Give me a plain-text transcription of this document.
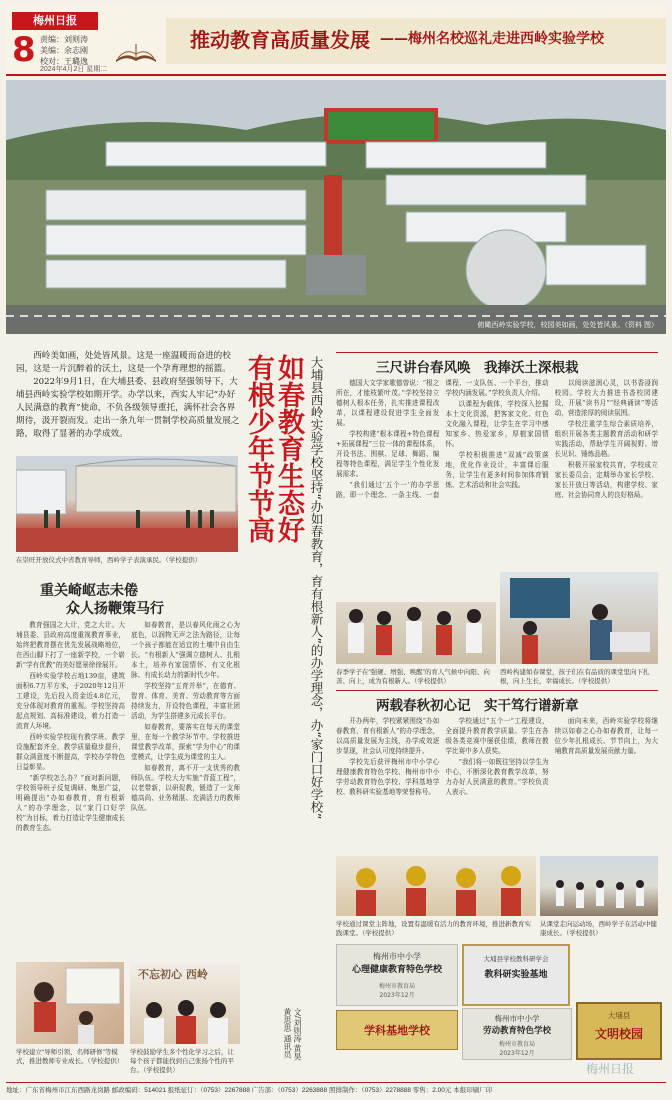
梅州日报
8 责编：刘则涛
美编：余志刚
校对：王璐逸
2024年4月2日 星期二
推动教育高质量发展 ——梅州名校巡礼走进西岭实验学校
俯瞰西岭实验学校，校园美如画，处处皆风景。（资料 图）

西岭美如画，处处皆风景。这是一座温暖而奋进的校园，这是一片沉醉着的沃土，这是一个孕育理想的摇篮。

2022年9月1日，在大埔县委、县政府坚强领导下，大埔县西岭实验学校如期开学。办学以来，西实人牢记“办好人民满意的教育”使命，不负各级领导重托，满怀社会各界期待，汲开裂而发。走出一条九年一贯制学校高质量发展之路，取得了显著的办学成效。

在崇旺开放仪式中省教育导师，西岭学子表演承民。（学校提供）
重关崎岖志未倦
众人扬鞭策马行

教育强国之大计，党之大计。大埔县委、县政府高度重视教育事业，始终把教育摆在优先发展战略地位，在西山脚下打了一座新学校，一个崭新“学有优教”的美好愿景徐徐展开。

西岭实验学校占地139亩，建筑面积6.7万平方米，于2020年12月开工建设，先后投入资金近4.8亿元，充分体现对教育的重视。学校坚持高起点规划、高标准建设，着力打造一流育人环境。

西岭实验学校现有教学班、教学设施配套齐全，教学质量稳步提升，群众满意度不断提高，学校办学特色日益彰显。

“新学校怎么办？”面对新问题，学校领导班子反复调研、集思广益，明确提出“办如春教育，育有根新人”的办学理念，以“家门口好学校”为目标，着力打造让学生健康成长的教育生态。

如春教育，是以春风化雨之心为底色，以润物无声之法为路径，让每一个孩子都能在适宜的土壤中自由生长。“有根新人”强调立德树人、扎根本土，培养有家国情怀、有文化根脉、有成长动力的新时代少年。

学校坚持“五育并举”，在德育、智育、体育、美育、劳动教育等方面持续发力，开设特色课程，丰富社团活动，为学生搭建多元成长平台。

如春教育，要落实在每天的课堂里，在每一个教学环节中。学校推进课堂教学改革，探索“学为中心”的课堂模式，让学生成为课堂的主人。

如春教育，离不开一支优秀的教师队伍。学校大力实施“青蓝工程”，以老带新，以研促教，锻造了一支师德高尚、业务精湛、充满活力的教师队伍。

不忘初心 西岭
学校建立“导师引领、名师研修”等模式，推进教师专业成长。（学校提供）
学校鼓励学生多个性化学习之后，让每个孩子都能找到自己张扬个性的平台。（学校提供）
如春教育生态好
有根少年节节高	大埔县西岭实验学校坚持“办如春教育，育有根新人”的办学理念，办“家门口好学校”
文/刘则涛 黄昊 黄思思 通讯员
三尺讲台春风唤　我捧沃土深根栽

德国大文学家歌德曾说：“根之所在，才能枝繁叶茂。”学校坚持立德树人根本任务，扎实推进课程改革，以课程建设促进学生全面发展。

学校构建“根本课程+特色课程+拓展课程”三位一体的课程体系，开设书法、围棋、足球、舞蹈、编程等特色课程，满足学生个性化发展需求。

“我们通过‘五个一’的办学思路，即一个理念、一条主线、一套课程、一支队伍、一个平台，推动学校内涵发展。”学校负责人介绍。

以课程为载体，学校深入挖掘本土文化资源，把客家文化、红色文化融入课程，让学生在学习中感知家乡、热爱家乡，厚植家国情怀。

学校积极推进“双减”政策落地，优化作业设计，丰富课后服务，让学生有更多时间参加体育锻炼、艺术活动和社会实践。

以阅读滋润心灵，以书香浸润校园。学校大力推进书香校园建设，开展“读书月”“经典诵读”等活动，营造浓厚的阅读氛围。

学校注重学生综合素质培养，组织开展各类主题教育活动和研学实践活动，帮助学生开阔视野、增长见识、锤炼品格。

积极开展家校共育，学校成立家长委员会，定期举办家长学校、家长开放日等活动，构建学校、家庭、社会协同育人的良好格局。

春季学子在“强硬、增强、唤醒”的育人气候中向阳、向善、向上，成为有根新人。（学校提供）
西岭构建如春课堂，孩子们在有品质的课堂里向下扎根，向上生长，幸福成长。（学校提供）
两载春秋初心记　实干笃行谱新章

开办两年，学校紧紧围绕“办如春教育，育有根新人”的办学理念，以高质量发展为主线，办学成效逐步显现，社会认可度持续提升。

学校先后获评梅州市中小学心理健康教育特色学校、梅州市中小学劳动教育特色学校、学科基地学校、教科研实验基地等荣誉称号。

学校通过“五个一”工程建设，全面提升教育教学质量。学生在各级各类竞赛中屡获佳绩，教师在教学比赛中多人获奖。

“我们将一如既往坚持以学生为中心，不断深化教育教学改革，努力办好人民满意的教育。”学校负责人表示。

面向未来，西岭实验学校将继续以如春之心办如春教育，让每一位少年扎根成长、节节向上，为大埔教育高质量发展贡献力量。

学校通过课堂主阵地，设置有温暖有活力的教育环境，推进新教育实践课堂。（学校提供）
从课堂走向运动场，西岭学子在活动中健康成长。（学校提供）
梅州市中小学
心理健康教育特色学校
梅州市教育局
2023年12月
大埔县学校教科研学会
教科研实验基地
学科基地学校
梅州市中小学
劳动教育特色学校
梅州市教育局
2023年12月
大埔县
文明校园
梅州日报
地址：广东省梅州市江东西路龙岗路 邮政编码：514021 报纸征订：（0753）2267888 广告部：（0753）2263888 照排制作：（0753）2278888 零售：2.00元 本报印刷厂印
